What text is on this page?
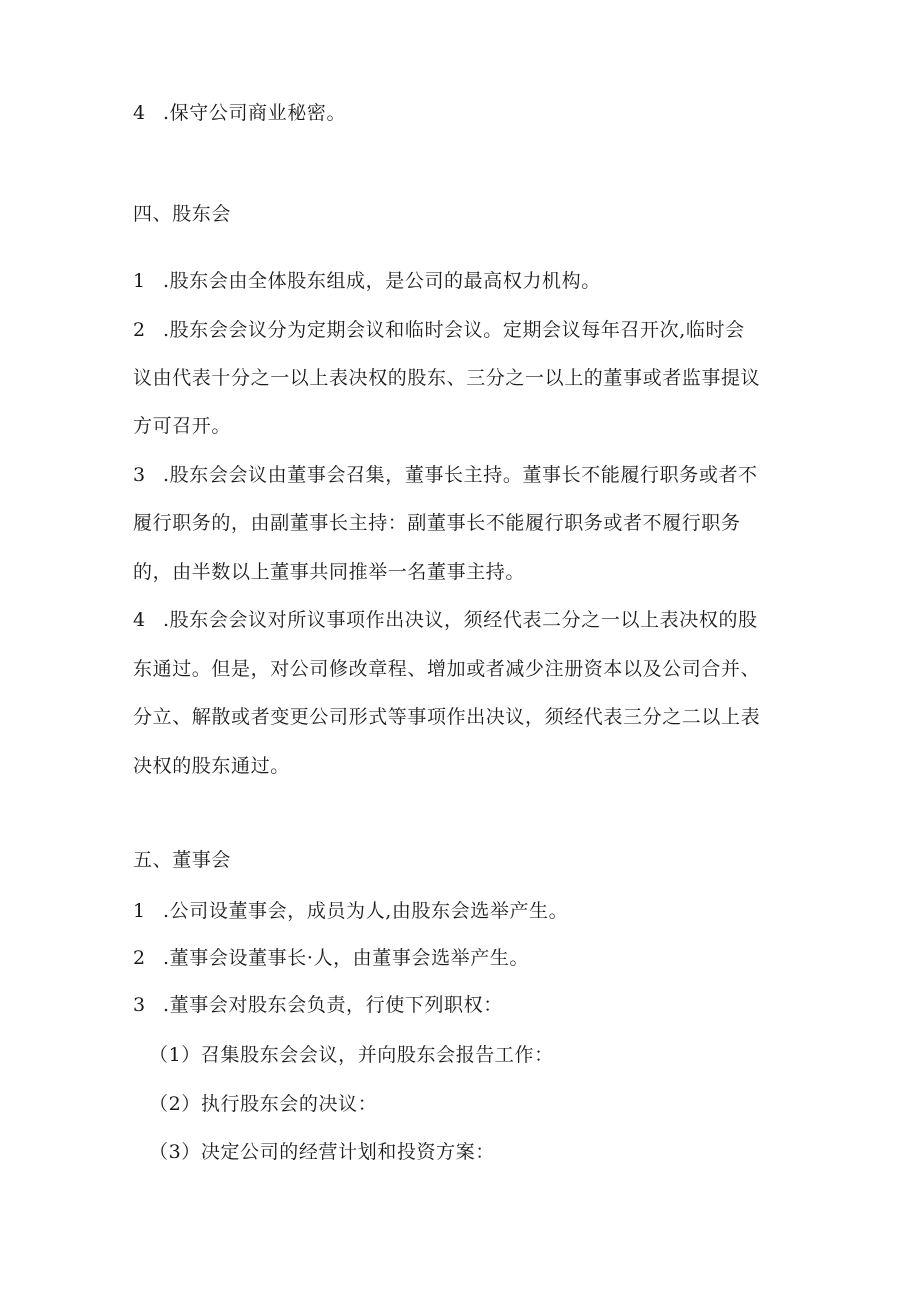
4 .保守公司商业秘密。
四、股东会
1 .股东会由全体股东组成，是公司的最高权力机构。
2 .股东会会议分为定期会议和临时会议。定期会议每年召开次,临时会
议由代表十分之一以上表决权的股东、三分之一以上的董事或者监事提议
方可召开。
3 .股东会会议由董事会召集，董事长主持。董事长不能履行职务或者不
履行职务的，由副董事长主持：副董事长不能履行职务或者不履行职务
的，由半数以上董事共同推举一名董事主持。
4 .股东会会议对所议事项作出决议，须经代表二分之一以上表决权的股
东通过。但是，对公司修改章程、增加或者减少注册资本以及公司合并、
分立、解散或者变更公司形式等事项作出决议，须经代表三分之二以上表
决权的股东通过。
五、董事会
1 .公司设董事会，成员为人,由股东会选举产生。
2 .董事会设董事长·人，由董事会选举产生。
3 .董事会对股东会负责，行使下列职权：
（1）召集股东会会议，并向股东会报告工作：
（2）执行股东会的决议：
（3）决定公司的经营计划和投资方案：
